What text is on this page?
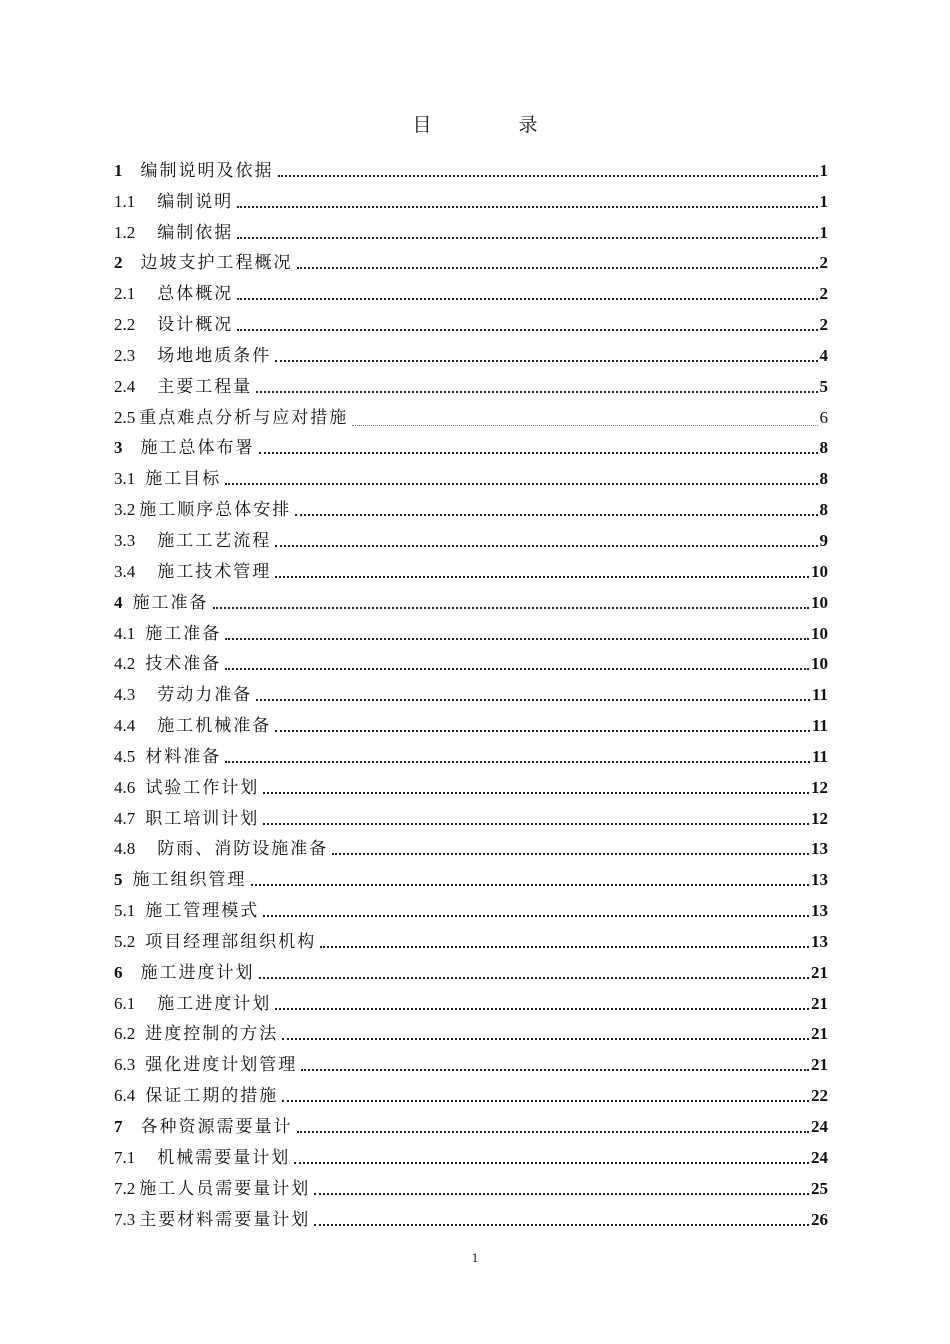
目　录
1 编制说明及依据	1
1.1 编制说明	1
1.2 编制依据	1
2 边坡支护工程概况	2
2.1 总体概况	2
2.2 设计概况	2
2.3 场地地质条件	4
2.4 主要工程量	5
2.5 重点难点分析与应对措施	6
3 施工总体布署	8
3.1 施工目标	8
3.2 施工顺序总体安排	8
3.3 施工工艺流程	9
3.4 施工技术管理	10
4 施工准备	10
4.1 施工准备	10
4.2 技术准备	10
4.3 劳动力准备	11
4.4 施工机械准备	11
4.5 材料准备	11
4.6 试验工作计划	12
4.7 职工培训计划	12
4.8 防雨、消防设施准备	13
5 施工组织管理	13
5.1 施工管理模式	13
5.2 项目经理部组织机构	13
6 施工进度计划	21
6.1 施工进度计划	21
6.2 进度控制的方法	21
6.3 强化进度计划管理	21
6.4 保证工期的措施	22
7 各种资源需要量计	24
7.1 机械需要量计划	24
7.2 施工人员需要量计划	25
7.3 主要材料需要量计划	26
1
